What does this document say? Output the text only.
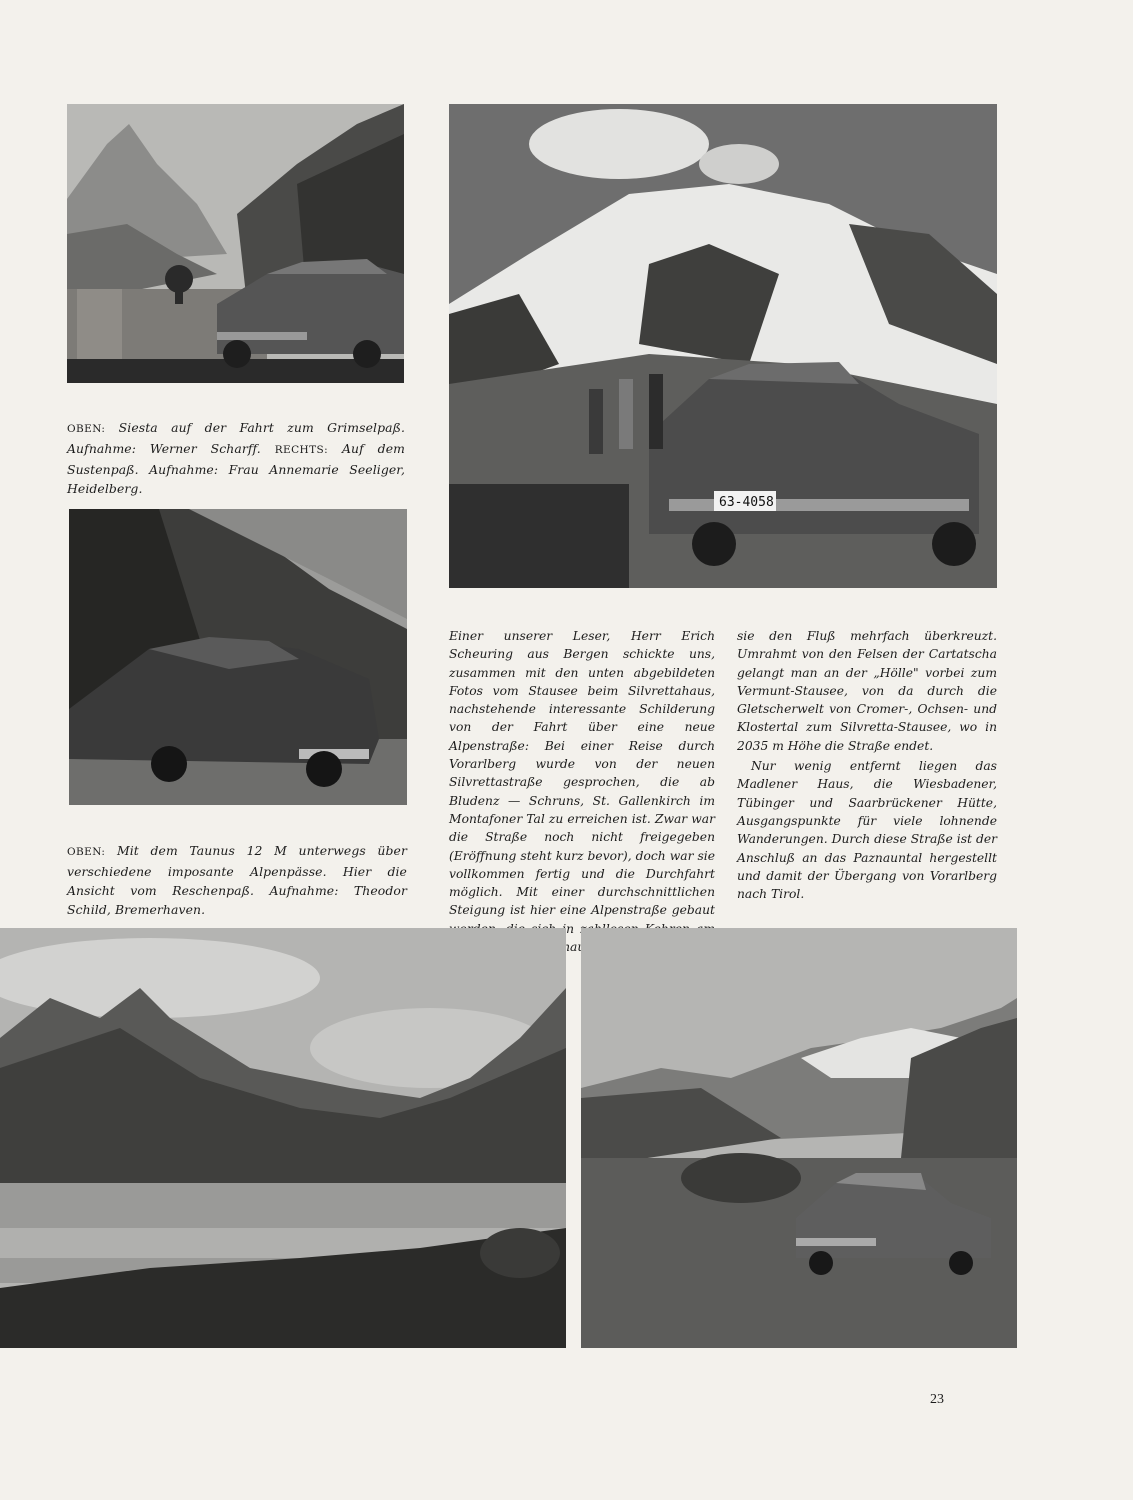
63-4058
OBEN: Siesta auf der Fahrt zum Grimselpaß. Aufnahme: Werner Scharff. RECHTS: Auf dem Sustenpaß. Aufnahme: Frau Annemarie Seeliger, Heidelberg.
OBEN: Mit dem Taunus 12 M unterwegs über verschiedene imposante Alpenpässe. Hier die Ansicht vom Reschenpaß. Aufnahme: Theodor Schild, Bremerhaven.

Einer unserer Leser, Herr Erich Scheuring aus Bergen schickte uns, zusammen mit den unten abgebildeten Fotos vom Stausee beim Silvrettahaus, nachstehende interessante Schilderung von der Fahrt über eine neue Alpenstraße: Bei einer Reise durch Vorarlberg wurde von der neuen Silvrettastraße gesprochen, die ab Bludenz — Schruns, St. Gallenkirch im Montafoner Tal zu erreichen ist. Zwar war die Straße noch nicht freigegeben (Eröffnung steht kurz bevor), doch war sie vollkommen fertig und die Durchfahrt möglich. Mit einer durchschnittlichen Steigung ist hier eine Alpenstraße gebaut in

sie den Fluß mehrfach überkreuzt. Umrahmt von den Felsen der Cartatscha gelangt man an der „Hölle" vorbei zum Vermunt-Stausee, von da durch die Gletscherwelt von Cromer-, Ochsen- und Klostertal zum Silvretta-Stausee, wo in 2035 m Höhe die Straße endet.

Nur wenig entfernt liegen das Madlener Haus, die Wiesbadener, Tübinger und Saarbrückener Hütte, Ausgangspunkte für viele lohnende Wanderungen. Durch diese Straße ist der Anschluß an das Paznauntal hergestellt und damit der Übergang von Vorarlberg nach Tirol.

23
